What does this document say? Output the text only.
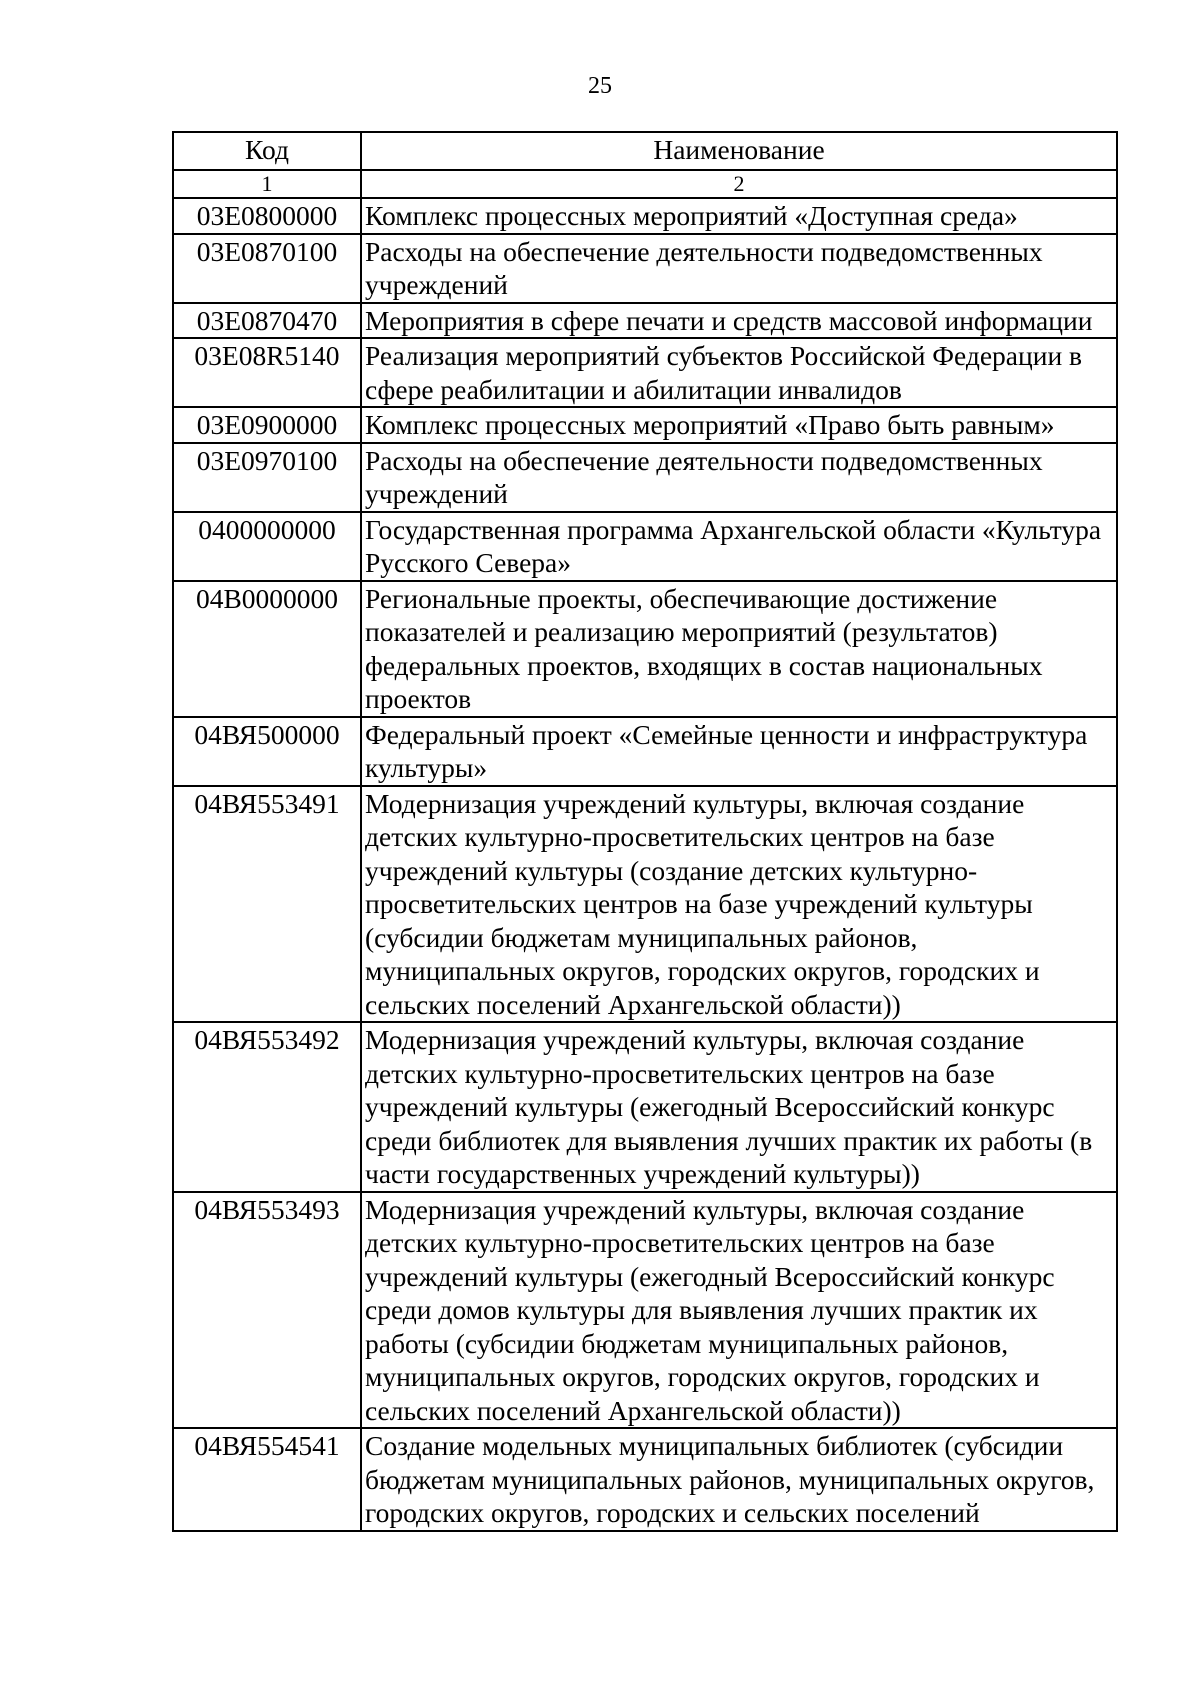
25
Код	Наименование
1	2
03Е0800000	Комплекс процессных мероприятий «Доступная среда»
03Е0870100	Расходы на обеспечение деятельности подведомственных учреждений
03Е0870470	Мероприятия в сфере печати и средств массовой информации
03Е08R5140	Реализация мероприятий субъектов Российской Федерации в сфере реабилитации и абилитации инвалидов
03Е0900000	Комплекс процессных мероприятий «Право быть равным»
03Е0970100	Расходы на обеспечение деятельности подведомственных учреждений
0400000000	Государственная программа Архангельской области «Культура Русского Севера»
04В0000000	Региональные проекты, обеспечивающие достижение показателей и реализацию мероприятий (результатов) федеральных проектов, входящих в состав национальных проектов
04ВЯ500000	Федеральный проект «Семейные ценности и инфраструктура культуры»
04ВЯ553491	Модернизация учреждений культуры, включая создание детских культурно-просветительских центров на базе учреждений культуры (создание детских культурно-просветительских центров на базе учреждений культуры (субсидии бюджетам муниципальных районов, муниципальных округов, городских округов, городских и сельских поселений Архангельской области))
04ВЯ553492	Модернизация учреждений культуры, включая создание детских культурно-просветительских центров на базе учреждений культуры (ежегодный Всероссийский конкурс среди библиотек для выявления лучших практик их работы (в части государственных учреждений культуры))
04ВЯ553493	Модернизация учреждений культуры, включая создание детских культурно-просветительских центров на базе учреждений культуры (ежегодный Всероссийский конкурс среди домов культуры для выявления лучших практик их работы (субсидии бюджетам муниципальных районов, муниципальных округов, городских округов, городских и сельских поселений Архангельской области))
04ВЯ554541	Создание модельных муниципальных библиотек (субсидии бюджетам муниципальных районов, муниципальных округов, городских округов, городских и сельских поселений
